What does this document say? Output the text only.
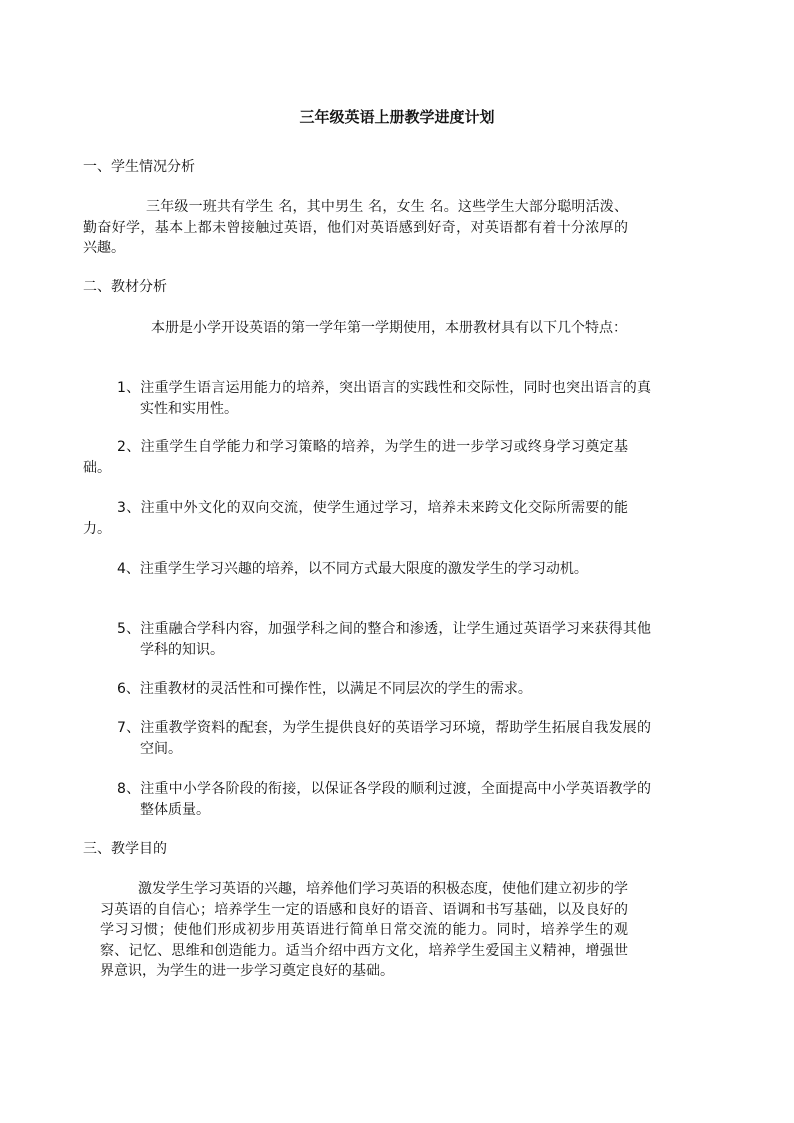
三年级英语上册教学进度计划
一、学生情况分析

三年级一班共有学生 名，其中男生 名，女生 名。这些学生大部分聪明活泼、勤奋好学，基本上都未曾接触过英语，他们对英语感到好奇，对英语都有着十分浓厚的兴趣。

二、教材分析

本册是小学开设英语的第一学年第一学期使用，本册教材具有以下几个特点：

1、注重学生语言运用能力的培养，突出语言的实践性和交际性，同时也突出语言的真实性和实用性。

2、注重学生自学能力和学习策略的培养，为学生的进一步学习或终身学习奠定基础。

3、注重中外文化的双向交流，使学生通过学习，培养未来跨文化交际所需要的能力。

4、注重学生学习兴趣的培养，以不同方式最大限度的激发学生的学习动机。

5、注重融合学科内容，加强学科之间的整合和渗透，让学生通过英语学习来获得其他学科的知识。

6、注重教材的灵活性和可操作性，以满足不同层次的学生的需求。

7、注重教学资料的配套，为学生提供良好的英语学习环境，帮助学生拓展自我发展的空间。

8、注重中小学各阶段的衔接，以保证各学段的顺利过渡，全面提高中小学英语教学的整体质量。

三、教学目的

激发学生学习英语的兴趣，培养他们学习英语的积极态度，使他们建立初步的学习英语的自信心；培养学生一定的语感和良好的语音、语调和书写基础，以及良好的学习习惯；使他们形成初步用英语进行简单日常交流的能力。同时，培养学生的观察、记忆、思维和创造能力。适当介绍中西方文化，培养学生爱国主义精神，增强世界意识，为学生的进一步学习奠定良好的基础。
